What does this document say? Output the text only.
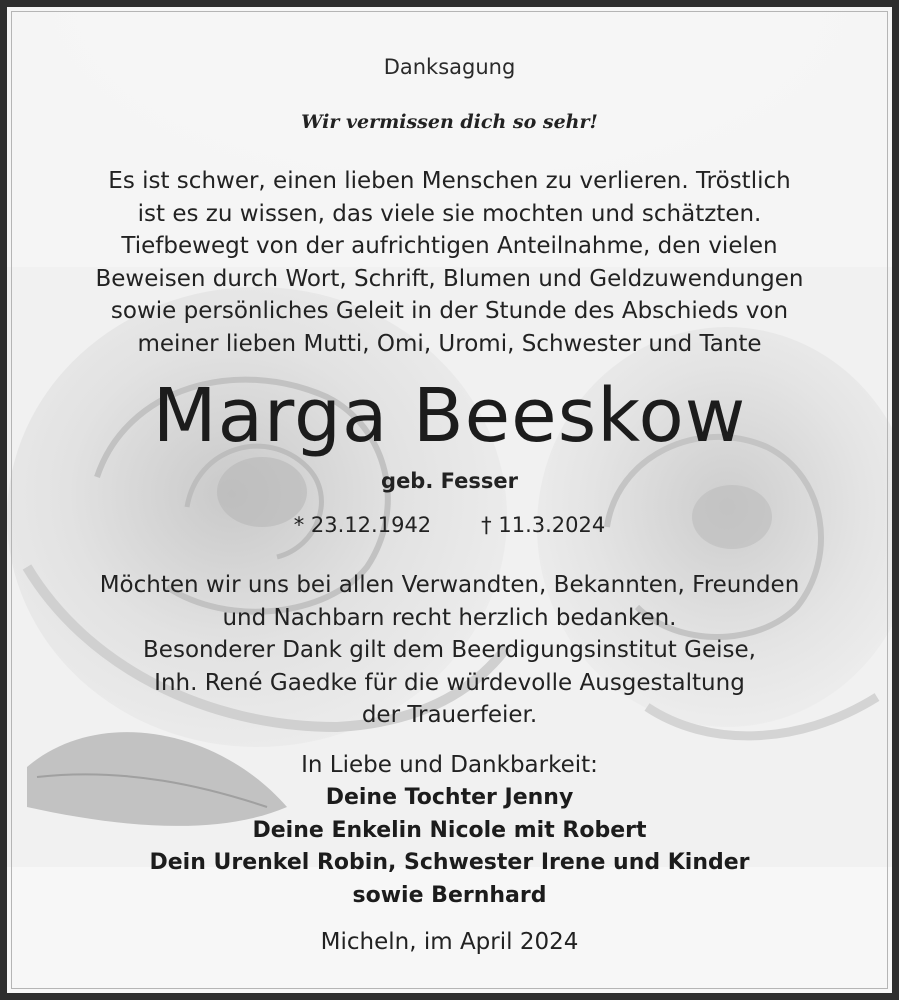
Danksagung
Wir vermissen dich so sehr!
Es ist schwer, einen lieben Menschen zu verlieren. Tröstlich
ist es zu wissen, das viele sie mochten und schätzten.
Tiefbewegt von der aufrichtigen Anteilnahme, den vielen
Beweisen durch Wort, Schrift, Blumen und Geldzuwendungen
sowie persönliches Geleit in der Stunde des Abschieds von
meiner lieben Mutti, Omi, Uromi, Schwester und Tante
Marga Beeskow
geb. Fesser
* 23.12.1942 † 11.3.2024
Möchten wir uns bei allen Verwandten, Bekannten, Freunden
und Nachbarn recht herzlich bedanken.
Besonderer Dank gilt dem Beerdigungsinstitut Geise,
Inh. René Gaedke für die würdevolle Ausgestaltung
der Trauerfeier.
In Liebe und Dankbarkeit:
Deine Tochter Jenny
Deine Enkelin Nicole mit Robert
Dein Urenkel Robin, Schwester Irene und Kinder
sowie Bernhard
Micheln, im April 2024
